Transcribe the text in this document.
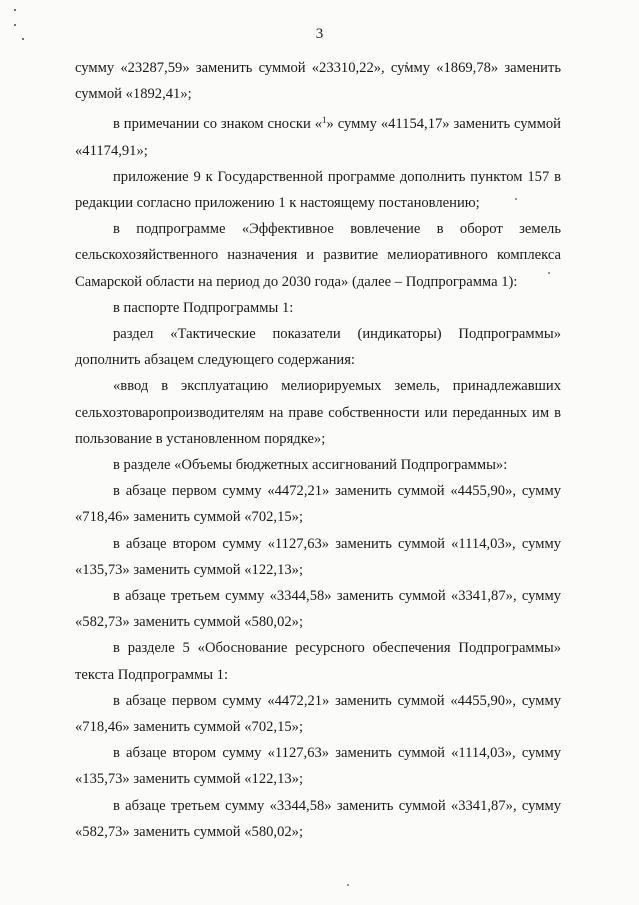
3

сумму «23287,59» заменить суммой «23310,22», сумму «1869,78» заменить суммой «1892,41»;

в примечании со знаком сноски «$^1$» сумму «41154,17» заменить суммой «41174,91»;

приложение 9 к Государственной программе дополнить пунктом 157 в редакции согласно приложению 1 к настоящему постановлению;

в подпрограмме «Эффективное вовлечение в оборот земель сельскохозяйственного назначения и развитие мелиоративного комплекса Самарской области на период до 2030 года» (далее – Подпрограмма 1):

в паспорте Подпрограммы 1:

раздел «Тактические показатели (индикаторы) Подпрограммы» дополнить абзацем следующего содержания:

«ввод в эксплуатацию мелиорируемых земель, принадлежавших сельхозтоваропроизводителям на праве собственности или переданных им в пользование в установленном порядке»;

в разделе «Объемы бюджетных ассигнований Подпрограммы»:

в абзаце первом сумму «4472,21» заменить суммой «4455,90», сумму «718,46» заменить суммой «702,15»;

в абзаце втором сумму «1127,63» заменить суммой «1114,03», сумму «135,73» заменить суммой «122,13»;

в абзаце третьем сумму «3344,58» заменить суммой «3341,87», сумму «582,73» заменить суммой «580,02»;

в разделе 5 «Обоснование ресурсного обеспечения Подпрограммы» текста Подпрограммы 1:

в абзаце первом сумму «4472,21» заменить суммой «4455,90», сумму «718,46» заменить суммой «702,15»;

в абзаце втором сумму «1127,63» заменить суммой «1114,03», сумму «135,73» заменить суммой «122,13»;

в абзаце третьем сумму «3344,58» заменить суммой «3341,87», сумму «582,73» заменить суммой «580,02»;
